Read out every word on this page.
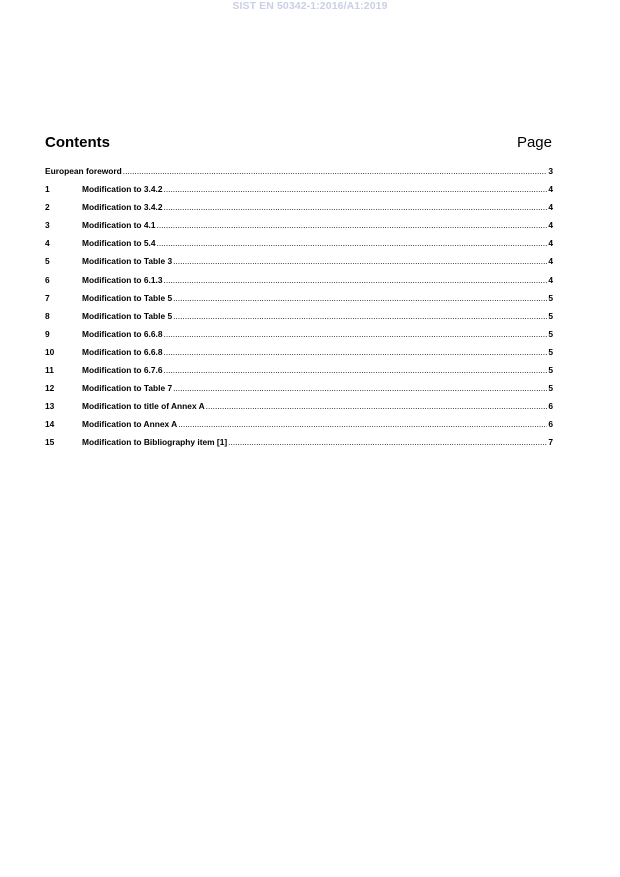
SIST EN 50342-1:2016/A1:2019
Contents	Page
European foreword .....	3
1	Modification to 3.4.2 .....	4
2	Modification to 3.4.2 .....	4
3	Modification to 4.1 .....	4
4	Modification to 5.4 .....	4
5	Modification to Table 3 .....	4
6	Modification to 6.1.3 .....	4
7	Modification to Table 5 .....	5
8	Modification to Table 5 .....	5
9	Modification to 6.6.8 .....	5
10	Modification to 6.6.8 .....	5
11	Modification to 6.7.6 .....	5
12	Modification to Table 7 .....	5
13	Modification to title of Annex A .....	6
14	Modification to Annex A .....	6
15	Modification to Bibliography item [1] .....	7
